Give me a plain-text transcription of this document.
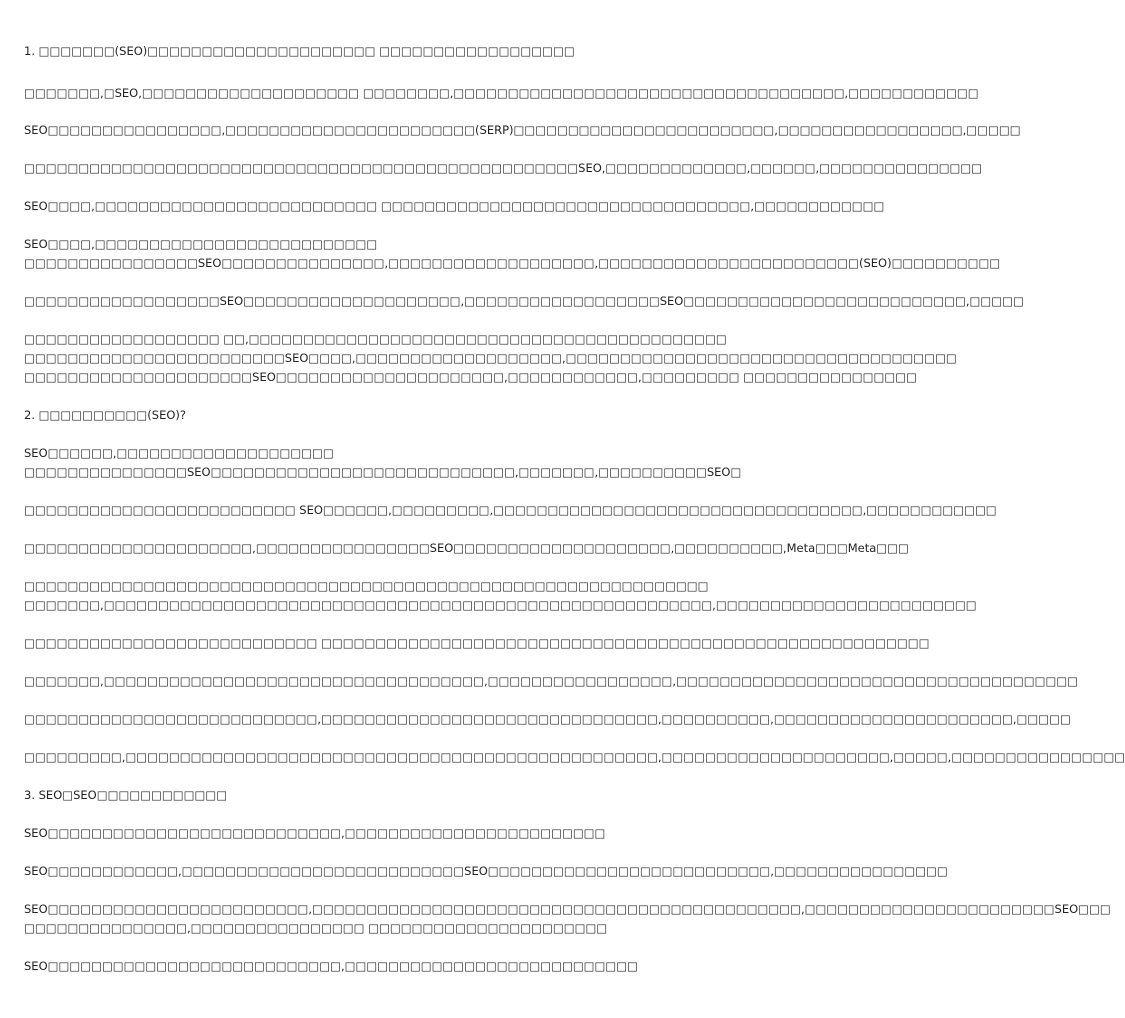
1. □□□□□□□(SEO)□□□□□□□□□□□□□□□□□□□□□ □□□□□□□□□□□□□□□□□□
□□□□□□□,□SEO,□□□□□□□□□□□□□□□□□□□□ □□□□□□□□,□□□□□□□□□□□□□□□□□□□□□□□□□□□□□□□□□□□□,□□□□□□□□□□□□
SEO□□□□□□□□□□□□□□□□,□□□□□□□□□□□□□□□□□□□□□□□(SERP)□□□□□□□□□□□□□□□□□□□□□□□□,□□□□□□□□□□□□□□□□□,□□□□□
□□□□□□□□□□□□□□□□□□□□□□□□□□□□□□□□□□□□□□□□□□□□□□□□□□□SEO,□□□□□□□□□□□□□,□□□□□□,□□□□□□□□□□□□□□□
SEO□□□□,□□□□□□□□□□□□□□□□□□□□□□□□□□ □□□□□□□□□□□□□□□□□□□□□□□□□□□□□□□□□□,□□□□□□□□□□□□
SEO□□□□,□□□□□□□□□□□□□□□□□□□□□□□□□□
□□□□□□□□□□□□□□□□SEO□□□□□□□□□□□□□□□,□□□□□□□□□□□□□□□□□□□,□□□□□□□□□□□□□□□□□□□□□□□□(SEO)□□□□□□□□□□
□□□□□□□□□□□□□□□□□□SEO□□□□□□□□□□□□□□□□□□□□,□□□□□□□□□□□□□□□□□□SEO□□□□□□□□□□□□□□□□□□□□□□□□□□,□□□□□
□□□□□□□□□□□□□□□□□□ □□,□□□□□□□□□□□□□□□□□□□□□□□□□□□□□□□□□□□□□□□□□□□□
□□□□□□□□□□□□□□□□□□□□□□□□SEO□□□□,□□□□□□□□□□□□□□□□□□□,□□□□□□□□□□□□□□□□□□□□□□□□□□□□□□□□□□□□
□□□□□□□□□□□□□□□□□□□□□SEO□□□□□□□□□□□□□□□□□□□□□,□□□□□□□□□□□□,□□□□□□□□□ □□□□□□□□□□□□□□□□
2. □□□□□□□□□□(SEO)?
SEO□□□□□□,□□□□□□□□□□□□□□□□□□□□
□□□□□□□□□□□□□□□SEO□□□□□□□□□□□□□□□□□□□□□□□□□□□□,□□□□□□□,□□□□□□□□□□SEO□
□□□□□□□□□□□□□□□□□□□□□□□□□ SEO□□□□□□,□□□□□□□□□,□□□□□□□□□□□□□□□□□□□□□□□□□□□□□□□□□□,□□□□□□□□□□□□
□□□□□□□□□□□□□□□□□□□□□,□□□□□□□□□□□□□□□□SEO□□□□□□□□□□□□□□□□□□□□,□□□□□□□□□□,Meta□□□Meta□□□
□□□□□□□□□□□□□□□□□□□□□□□□□□□□□□□□□□□□□□□□□□□□□□□□□□□□□□□□□□□□□□□
□□□□□□□,□□□□□□□□□□□□□□□□□□□□□□□□□□□□□□□□□□□□□□□□□□□□□□□□□□□□□□□□,□□□□□□□□□□□□□□□□□□□□□□□□
□□□□□□□□□□□□□□□□□□□□□□□□□□□ □□□□□□□□□□□□□□□□□□□□□□□□□□□□□□□□□□□□□□□□□□□□□□□□□□□□□□□□
□□□□□□□,□□□□□□□□□□□□□□□□□□□□□□□□□□□□□□□□□□□,□□□□□□□□□□□□□□□□□,□□□□□□□□□□□□□□□□□□□□□□□□□□□□□□□□□□□□□
□□□□□□□□□□□□□□□□□□□□□□□□□□□,□□□□□□□□□□□□□□□□□□□□□□□□□□□□□□□,□□□□□□□□□□,□□□□□□□□□□□□□□□□□□□□□□,□□□□□
□□□□□□□□□,□□□□□□□□□□□□□□□□□□□□□□□□□□□□□□□□□□□□□□□□□□□□□□□□□,□□□□□□□□□□□□□□□□□□□□□,□□□□□,□□□□□□□□□□□□□□□□
3. SEO□SEO□□□□□□□□□□□□
SEO□□□□□□□□□□□□□□□□□□□□□□□□□□□,□□□□□□□□□□□□□□□□□□□□□□□□
SEO□□□□□□□□□□□□,□□□□□□□□□□□□□□□□□□□□□□□□□□SEO□□□□□□□□□□□□□□□□□□□□□□□□□□,□□□□□□□□□□□□□□□□
SEO□□□□□□□□□□□□□□□□□□□□□□□□,□□□□□□□□□□□□□□□□□□□□□□□□□□□□□□□□□□□□□□□□□□□□□,□□□□□□□□□□□□□□□□□□□□□□□SEO□□□
□□□□□□□□□□□□□□□,□□□□□□□□□□□□□□□□ □□□□□□□□□□□□□□□□□□□□□□
SEO□□□□□□□□□□□□□□□□□□□□□□□□□□□,□□□□□□□□□□□□□□□□□□□□□□□□□□□
